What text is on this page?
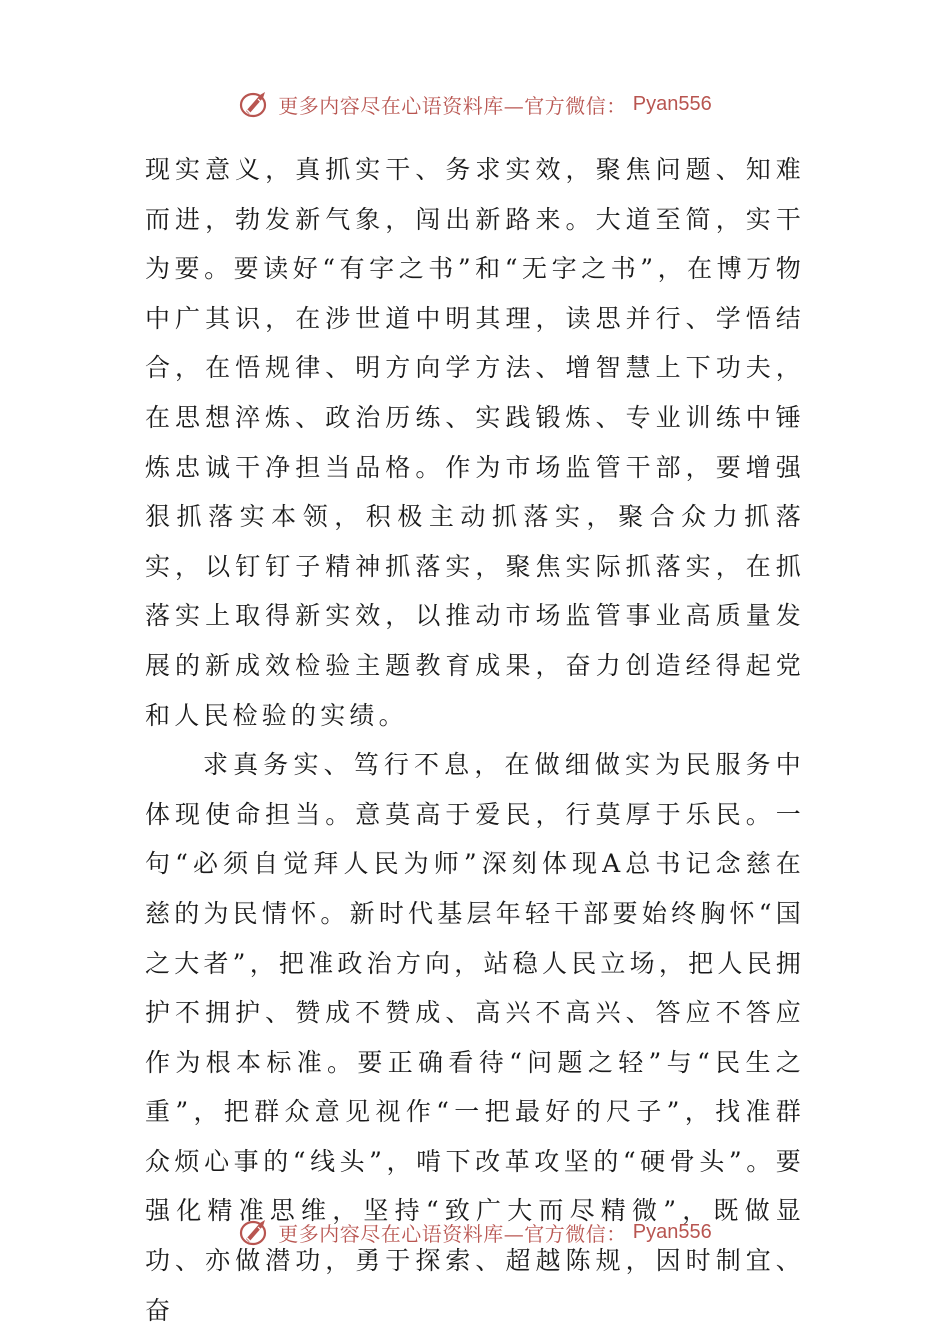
更多内容尽在心语资料库—官方微信： Pyan556

现实意义，真抓实干、务求实效，聚焦问题、知难而进，勃发新气象，闯出新路来。大道至简，实干为要。要读好“有字之书”和“无字之书”，在博万物中广其识，在涉世道中明其理，读思并行、学悟结合，在悟规律、明方向学方法、增智慧上下功夫，在思想淬炼、政治历练、实践锻炼、专业训练中锤炼忠诚干净担当品格。作为市场监管干部，要增强狠抓落实本领，积极主动抓落实，聚合众力抓落实，以钉钉子精神抓落实，聚焦实际抓落实，在抓落实上取得新实效，以推动市场监管事业高质量发展的新成效检验主题教育成果，奋力创造经得起党和人民检验的实绩。

求真务实、笃行不息，在做细做实为民服务中体现使命担当。意莫高于爱民，行莫厚于乐民。一句“必须自觉拜人民为师”深刻体现A总书记念慈在慈的为民情怀。新时代基层年轻干部要始终胸怀“国之大者”，把准政治方向，站稳人民立场，把人民拥护不拥护、赞成不赞成、高兴不高兴、答应不答应作为根本标准。要正确看待“问题之轻”与“民生之重”，把群众意见视作“一把最好的尺子”，找准群众烦心事的“线头”，啃下改革攻坚的“硬骨头”。要强化精准思维，坚持“致广大而尽精微”，既做显功、亦做潜功，勇于探索、超越陈规，因时制宜、奋

更多内容尽在心语资料库—官方微信： Pyan556
